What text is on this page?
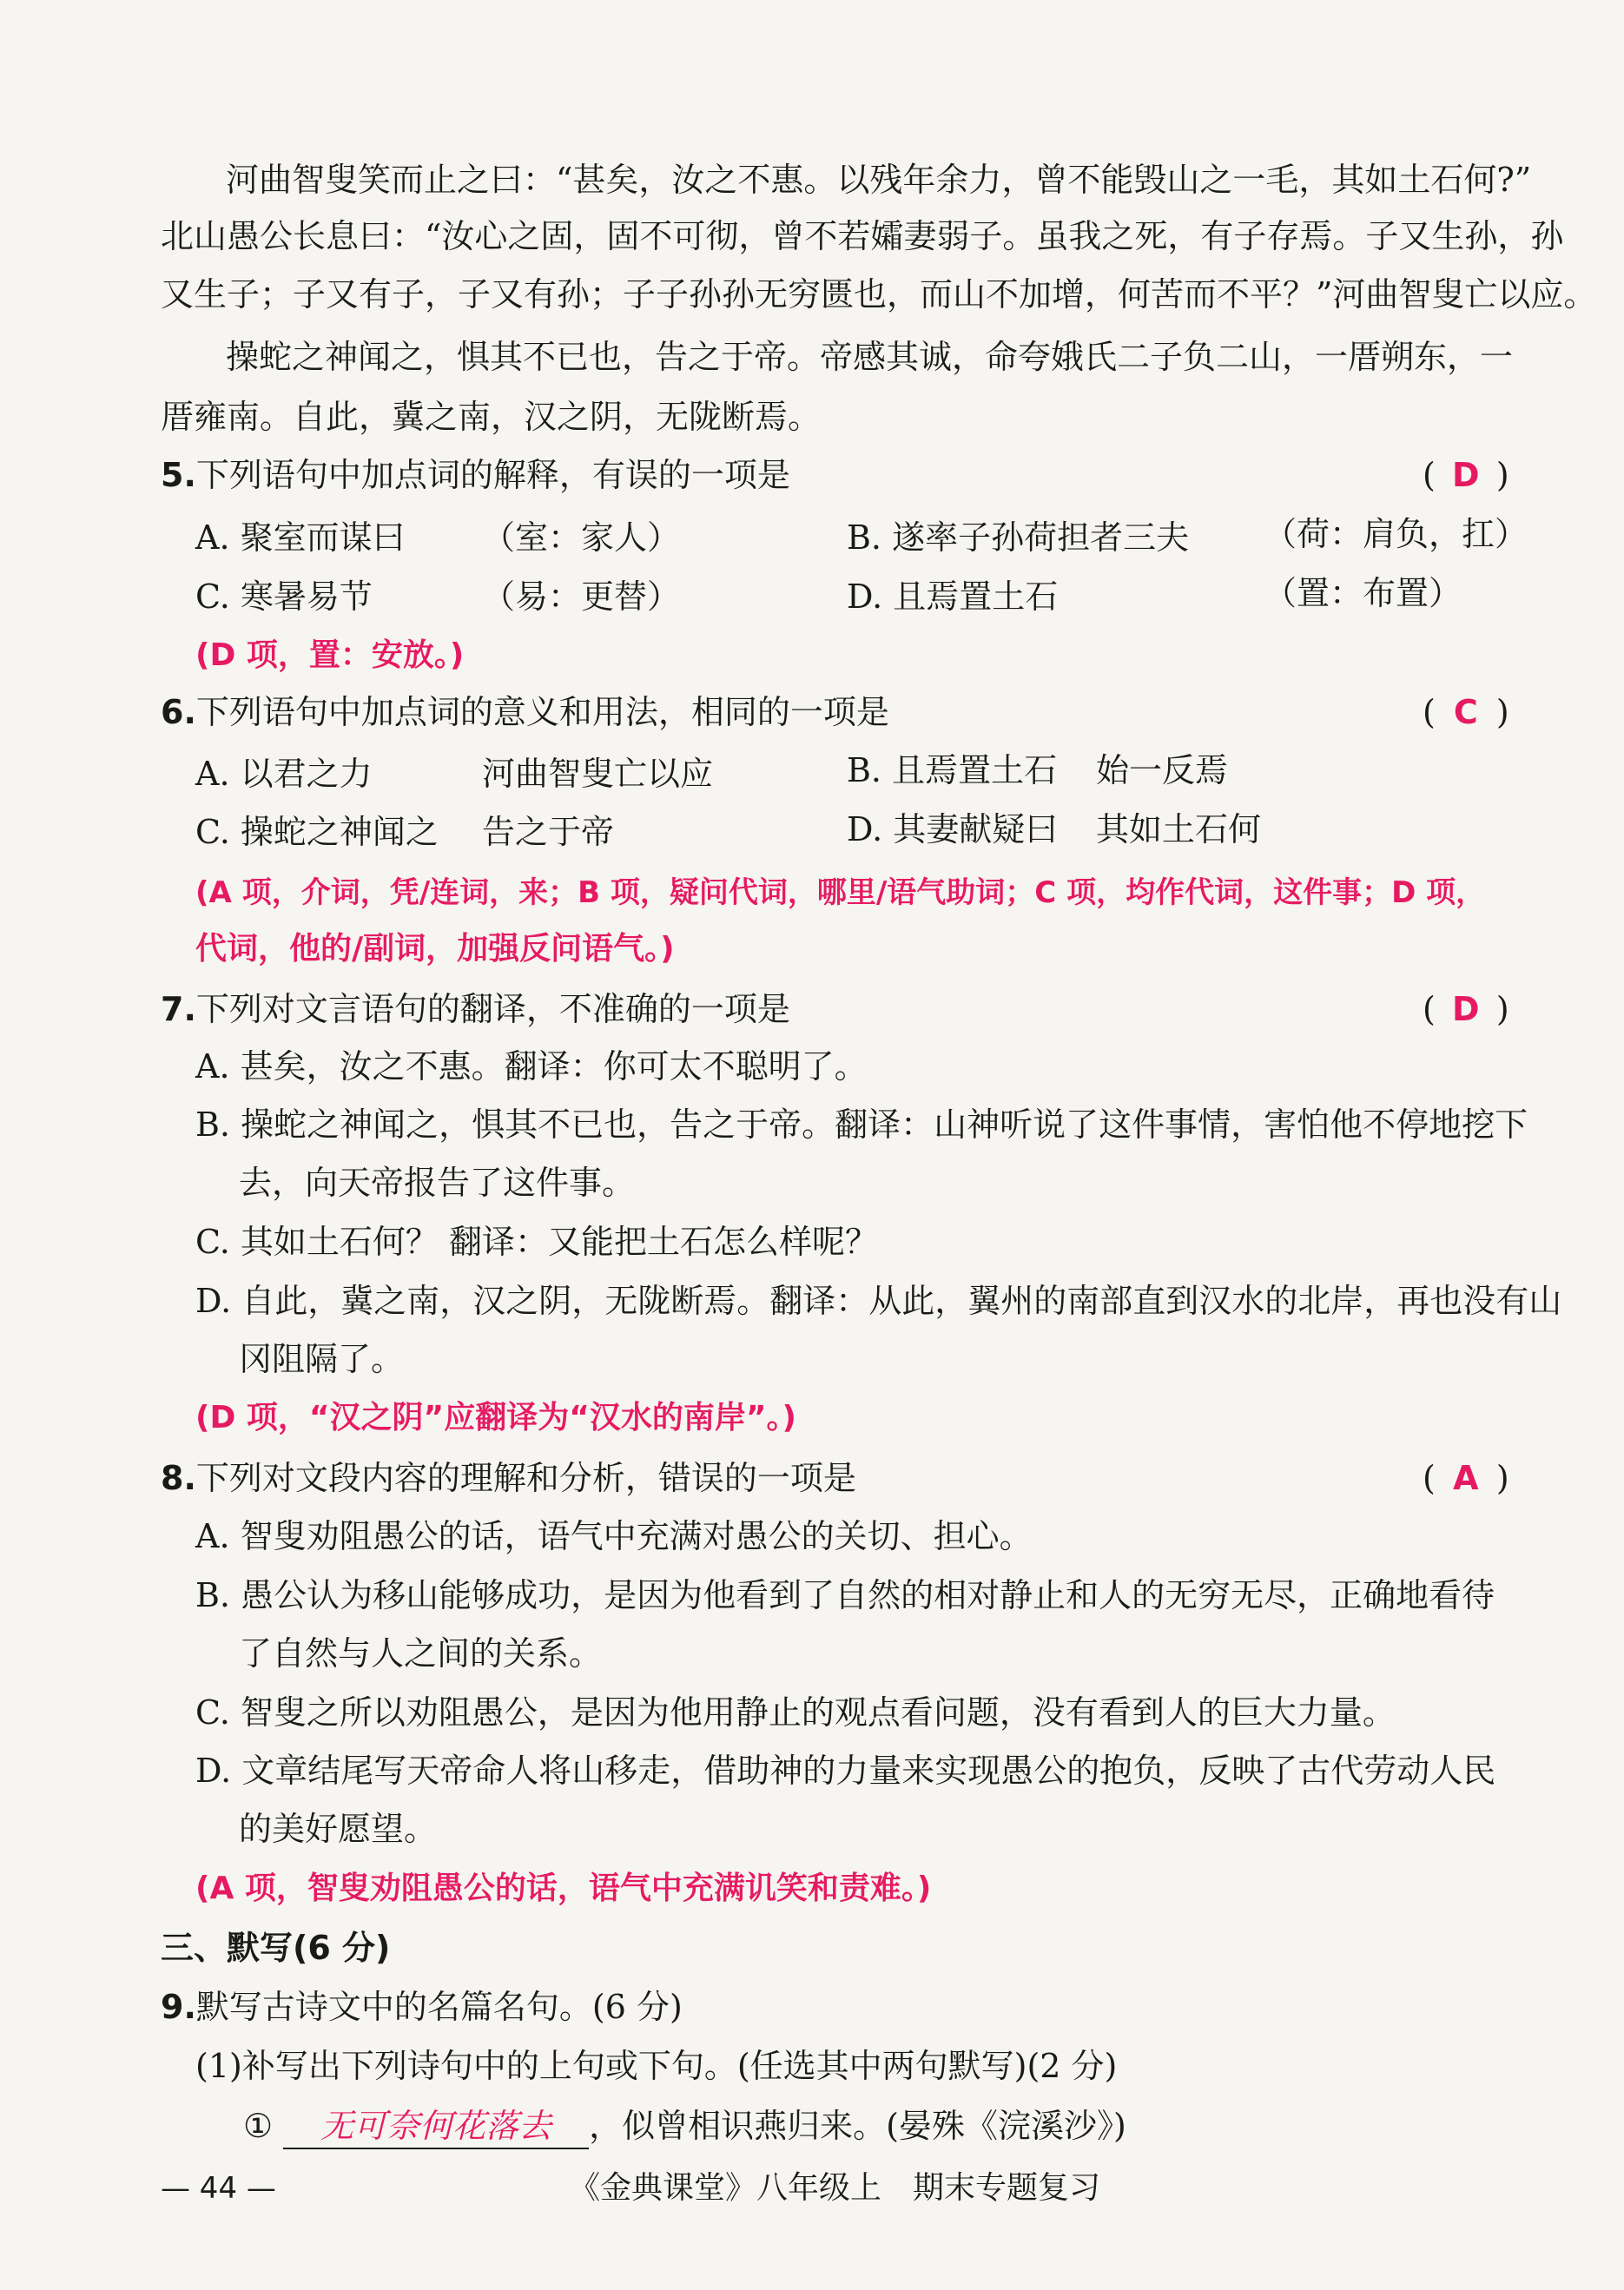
河曲智叟笑而止之曰：“甚矣，汝之不惠。以残年余力，曾不能毁山之一毛，其如土石何?”
北山愚公长息曰：“汝心之固，固不可彻，曾不若孀妻弱子。虽我之死，有子存焉。子又生孙，孙
又生子；子又有子，子又有孙；子子孙孙无穷匮也，而山不加增，何苦而不平？”河曲智叟亡以应。
操蛇之神闻之，惧其不已也，告之于帝。帝感其诚，命夸娥氏二子负二山，一厝朔东，一
厝雍南。自此，冀之南，汉之阴，无陇断焉。
5.下列语句中加点词的解释，有误的一项是	( D )
A. 聚室而谋曰 （室：家人）	B. 遂率子孙荷担者三夫 （荷：肩负，扛）
C. 寒暑易节	（易：更替）	D. 且焉置土石	（置：布置）
(D 项，置：安放。)
6.下列语句中加点词的意义和用法，相同的一项是	( C )
A. 以君之力	河曲智叟亡以应	B. 且焉置土石 始一反焉
C. 操蛇之神闻之 告之于帝	D. 其妻献疑曰 其如土石何
(A 项，介词，凭/连词，来；B 项，疑问代词，哪里/语气助词；C 项，均作代词，这件事；D 项，
代词，他的/副词，加强反问语气。)
7.下列对文言语句的翻译，不准确的一项是	( D )
A. 甚矣，汝之不惠。翻译：你可太不聪明了。
B. 操蛇之神闻之，惧其不已也，告之于帝。翻译：山神听说了这件事情，害怕他不停地挖下
去，向天帝报告了这件事。
C. 其如土石何？ 翻译：又能把土石怎么样呢？
D. 自此，冀之南，汉之阴，无陇断焉。翻译：从此，翼州的南部直到汉水的北岸，再也没有山
冈阻隔了。
(D 项，“汉之阴”应翻译为“汉水的南岸”。)
8.下列对文段内容的理解和分析，错误的一项是	( A )
A. 智叟劝阻愚公的话，语气中充满对愚公的关切、担心。
B. 愚公认为移山能够成功，是因为他看到了自然的相对静止和人的无穷无尽，正确地看待
了自然与人之间的关系。
C. 智叟之所以劝阻愚公，是因为他用静止的观点看问题，没有看到人的巨大力量。
D. 文章结尾写天帝命人将山移走，借助神的力量来实现愚公的抱负，反映了古代劳动人民
的美好愿望。
(A 项，智叟劝阻愚公的话，语气中充满讥笑和责难。)
三、默写(6 分)
9.默写古诗文中的名篇名句。(6 分)
(1)补写出下列诗句中的上句或下句。(任选其中两句默写)(2 分)
① 无可奈何花落去 ，似曾相识燕归来。(晏殊《浣溪沙》)
— 44 —	《金典课堂》八年级上　期末专题复习
